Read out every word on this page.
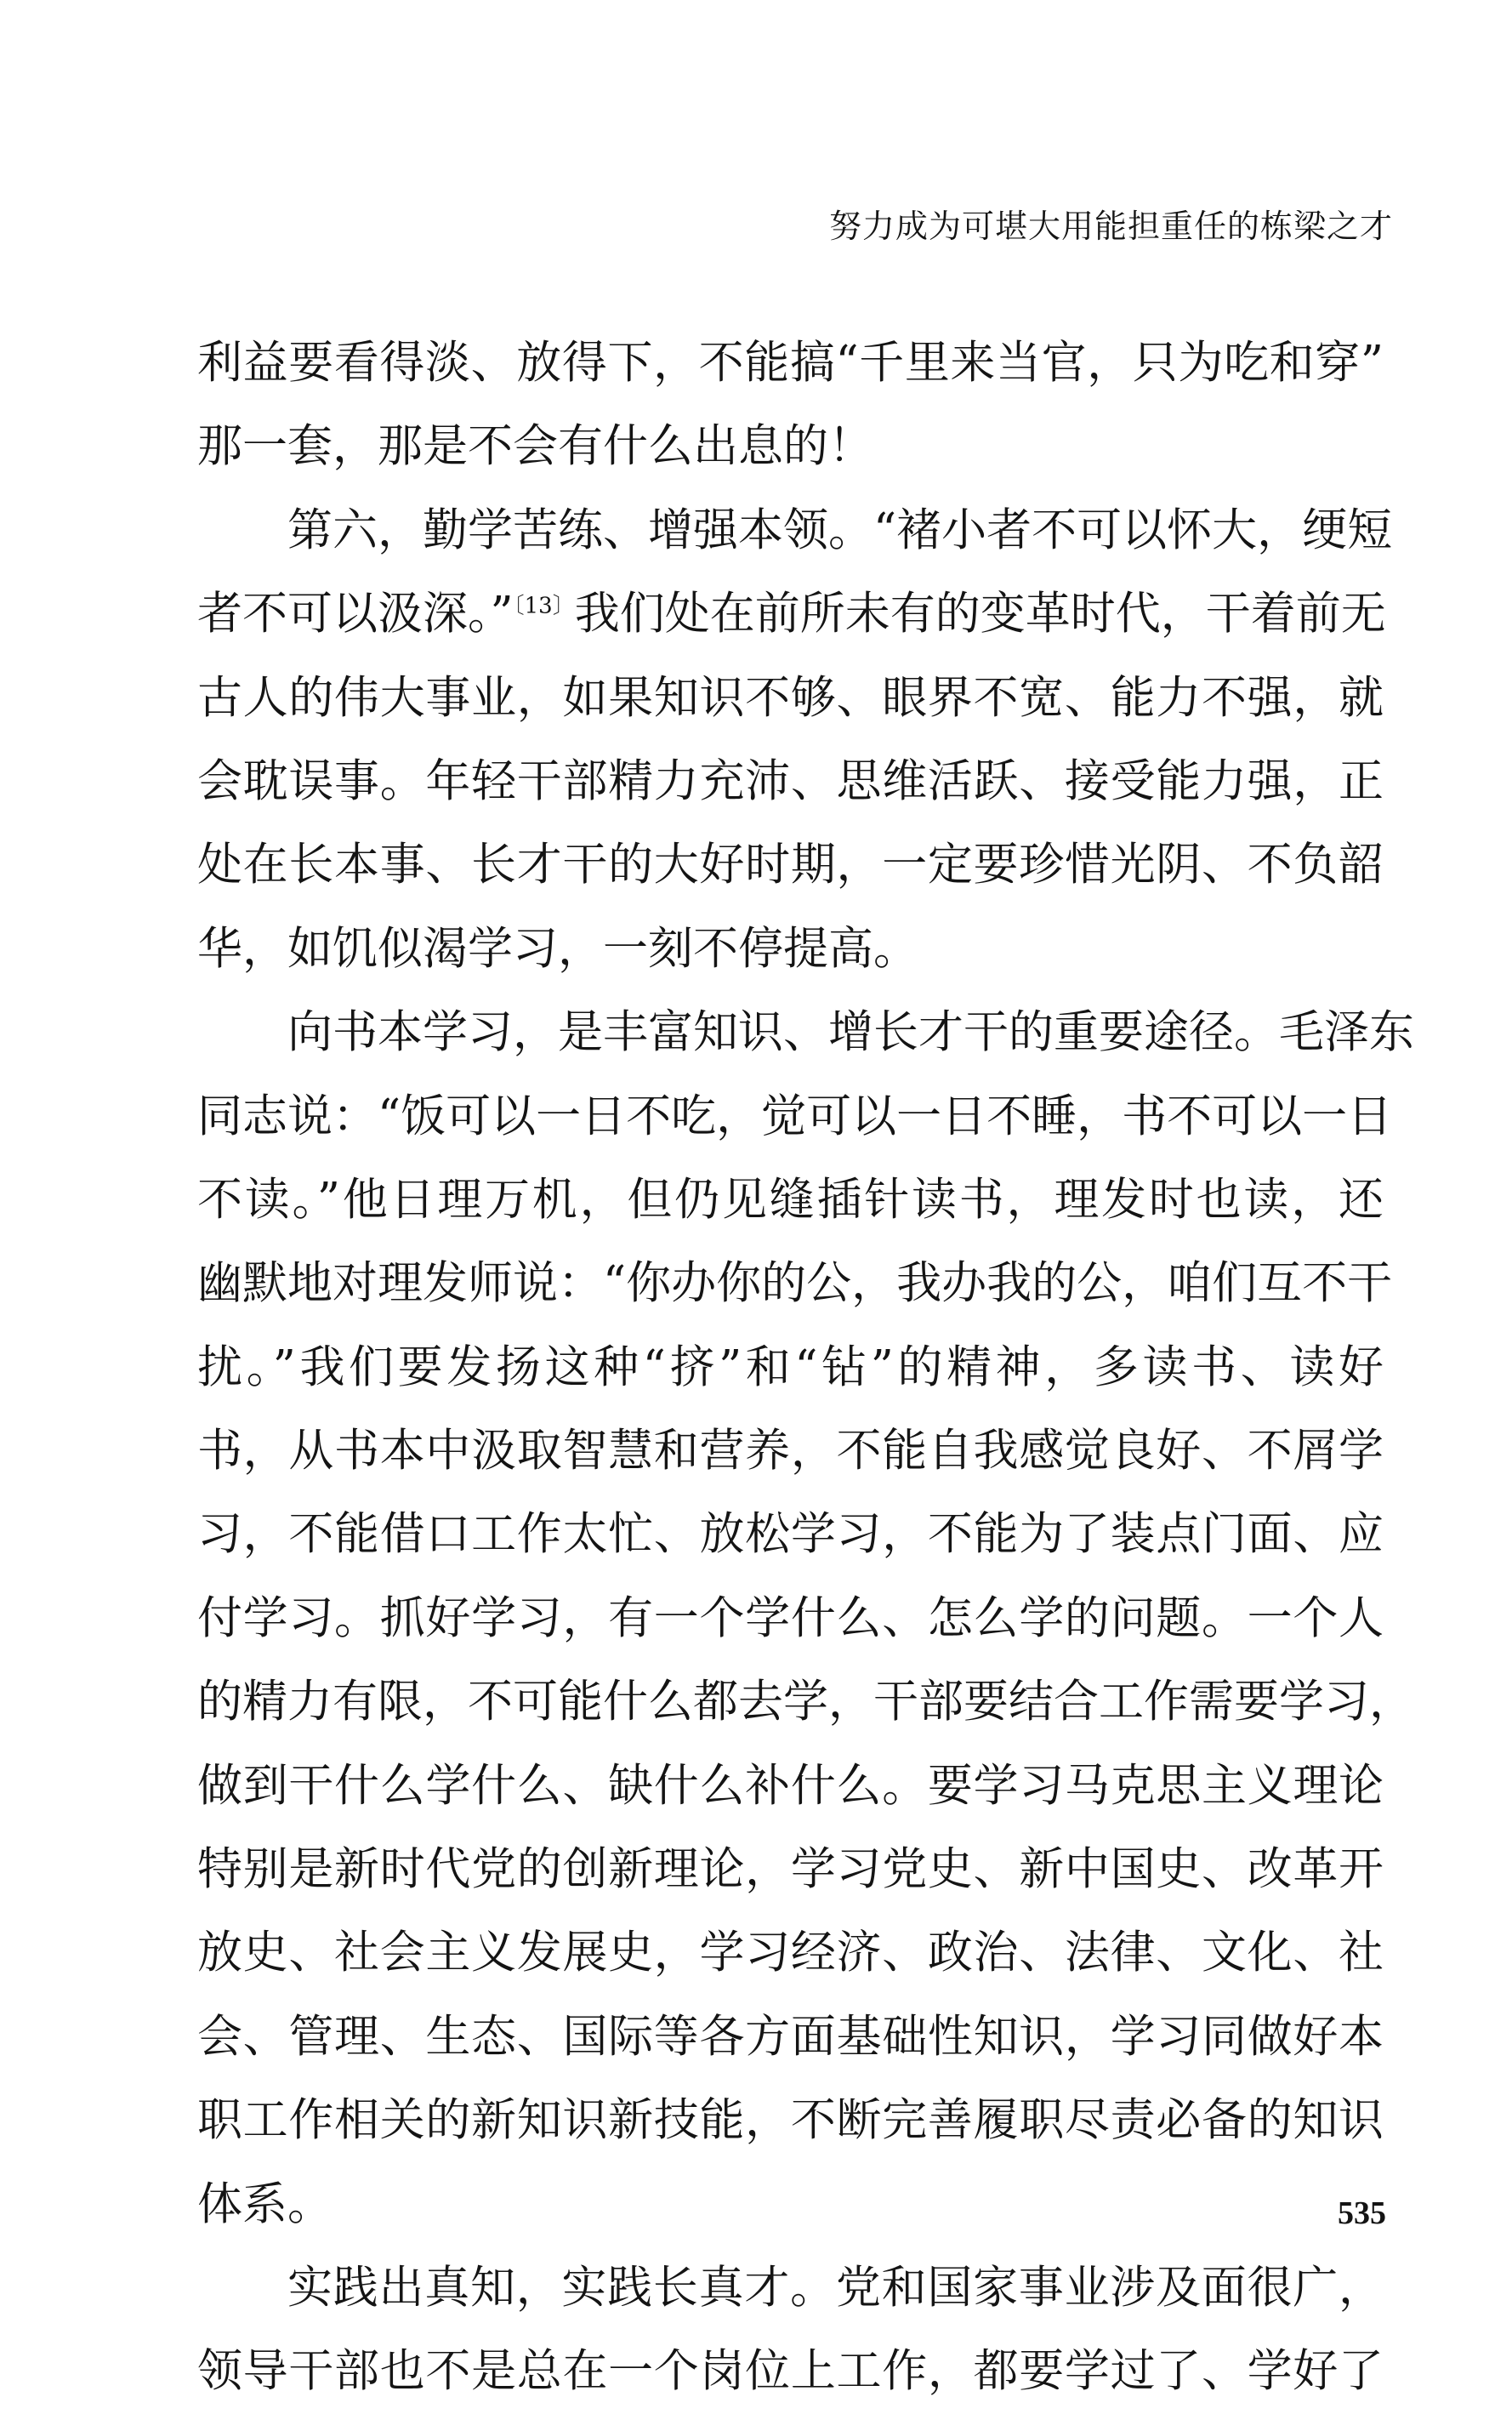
努力成为可堪大用能担重任的栋梁之才
利益要看得淡、放得下，不能搞“千里来当官，只为吃和穿”
那一套，那是不会有什么出息的！
第六，勤学苦练、增强本领。“褚小者不可以怀大，绠短
者不可以汲深。”$^{〔13〕}$我们处在前所未有的变革时代，干着前无
古人的伟大事业，如果知识不够、眼界不宽、能力不强，就
会耽误事。年轻干部精力充沛、思维活跃、接受能力强，正
处在长本事、长才干的大好时期，一定要珍惜光阴、不负韶
华，如饥似渴学习，一刻不停提高。
向书本学习，是丰富知识、增长才干的重要途径。毛泽东
同志说：“饭可以一日不吃，觉可以一日不睡，书不可以一日
不读。”他日理万机，但仍见缝插针读书，理发时也读，还
幽默地对理发师说：“你办你的公，我办我的公，咱们互不干
扰。”我们要发扬这种“挤”和“钻”的精神，多读书、读好
书，从书本中汲取智慧和营养，不能自我感觉良好、不屑学
习，不能借口工作太忙、放松学习，不能为了装点门面、应
付学习。抓好学习，有一个学什么、怎么学的问题。一个人
的精力有限，不可能什么都去学，干部要结合工作需要学习，
做到干什么学什么、缺什么补什么。要学习马克思主义理论
特别是新时代党的创新理论，学习党史、新中国史、改革开
放史、社会主义发展史，学习经济、政治、法律、文化、社
会、管理、生态、国际等各方面基础性知识，学习同做好本
职工作相关的新知识新技能，不断完善履职尽责必备的知识
体系。
实践出真知，实践长真才。党和国家事业涉及面很广，
领导干部也不是总在一个岗位上工作，都要学过了、学好了
535
